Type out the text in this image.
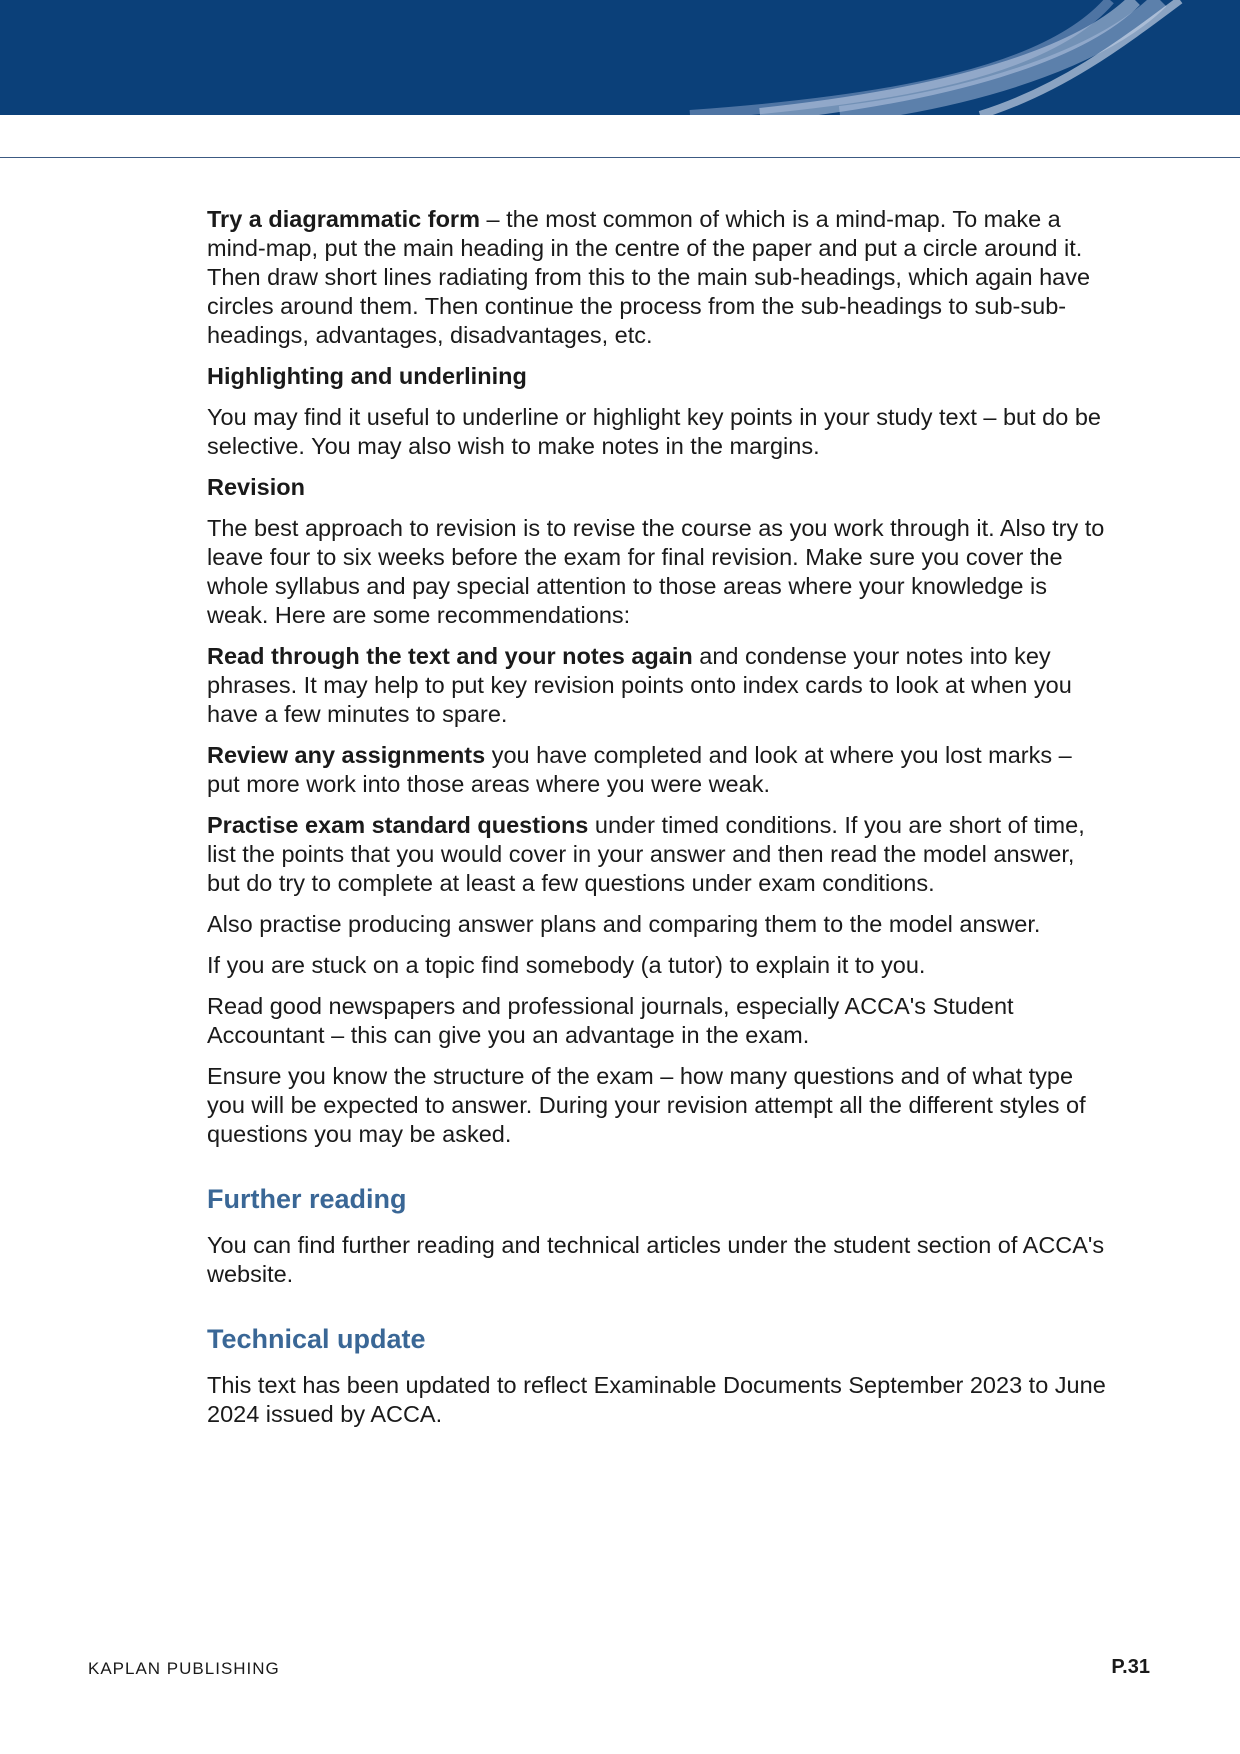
Try a diagrammatic form – the most common of which is a mind-map. To make a mind-map, put the main heading in the centre of the paper and put a circle around it. Then draw short lines radiating from this to the main sub-headings, which again have circles around them. Then continue the process from the sub-headings to sub-sub-headings, advantages, disadvantages, etc.

Highlighting and underlining

You may find it useful to underline or highlight key points in your study text – but do be selective. You may also wish to make notes in the margins.

Revision

The best approach to revision is to revise the course as you work through it. Also try to leave four to six weeks before the exam for final revision. Make sure you cover the whole syllabus and pay special attention to those areas where your knowledge is weak. Here are some recommendations:

Read through the text and your notes again and condense your notes into key phrases. It may help to put key revision points onto index cards to look at when you have a few minutes to spare.

Review any assignments you have completed and look at where you lost marks – put more work into those areas where you were weak.

Practise exam standard questions under timed conditions. If you are short of time, list the points that you would cover in your answer and then read the model answer, but do try to complete at least a few questions under exam conditions.

Also practise producing answer plans and comparing them to the model answer.

If you are stuck on a topic find somebody (a tutor) to explain it to you.

Read good newspapers and professional journals, especially ACCA's Student Accountant – this can give you an advantage in the exam.

Ensure you know the structure of the exam – how many questions and of what type you will be expected to answer. During your revision attempt all the different styles of questions you may be asked.

Further reading

You can find further reading and technical articles under the student section of ACCA's website.

Technical update

This text has been updated to reflect Examinable Documents September 2023 to June 2024 issued by ACCA.

KAPLAN PUBLISHING	P.31
